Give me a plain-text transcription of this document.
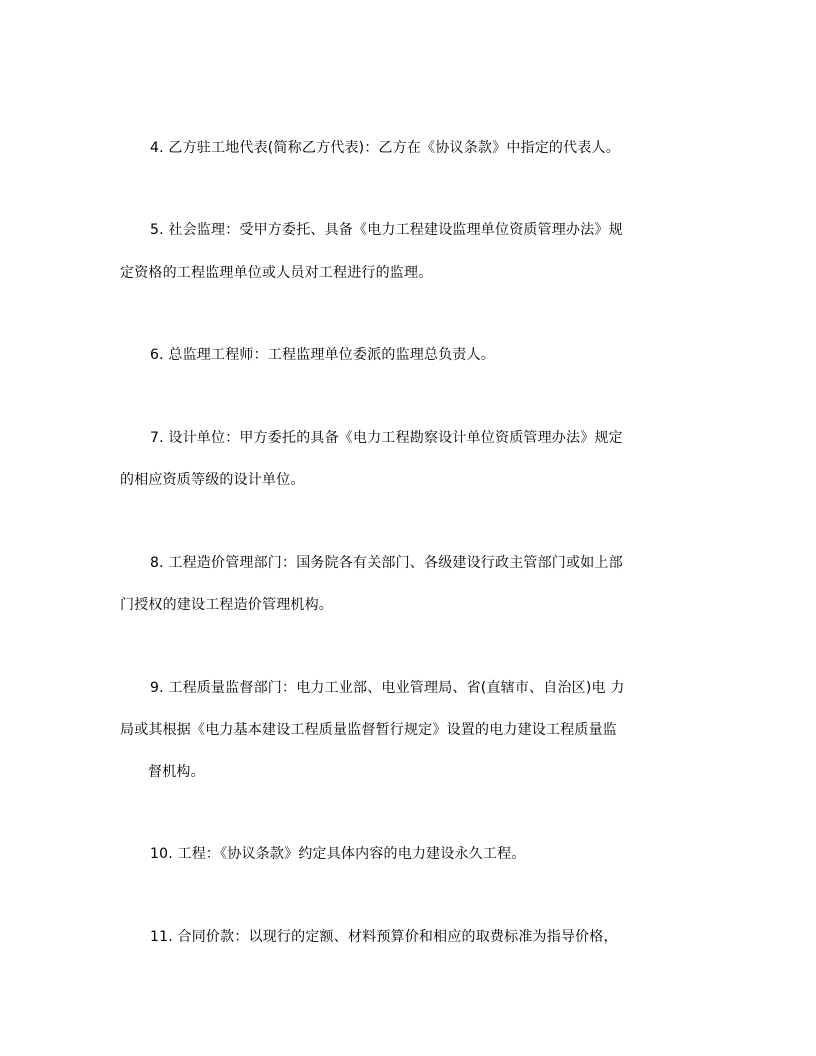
4. 乙方驻工地代表(简称乙方代表)：乙方在《协议条款》中指定的代表人。
5. 社会监理：受甲方委托、具备《电力工程建设监理单位资质管理办法》规
定资格的工程监理单位或人员对工程进行的监理。
6. 总监理工程师：工程监理单位委派的监理总负责人。
7. 设计单位：甲方委托的具备《电力工程勘察设计单位资质管理办法》规定
的相应资质等级的设计单位。
8. 工程造价管理部门：国务院各有关部门、各级建设行政主管部门或如上部
门授权的建设工程造价管理机构。
9. 工程质量监督部门：电力工业部、电业管理局、省(直辖市、自治区)电 力
局或其根据《电力基本建设工程质量监督暂行规定》设置的电力建设工程质量监
督机构。
10. 工程：《协议条款》约定具体内容的电力建设永久工程。
11. 合同价款：以现行的定额、材料预算价和相应的取费标准为指导价格，
